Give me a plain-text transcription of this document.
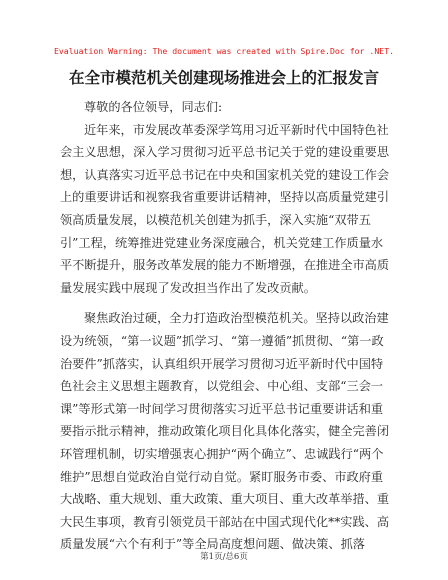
Evaluation Warning: The document was created with Spire.Doc for .NET.
在全市模范机关创建现场推进会上的汇报发言
尊敬的各位领导，同志们:
近年来，市发展改革委深学笃用习近平新时代中国特色社
会主义思想，深入学习贯彻习近平总书记关于党的建设重要思
想，认真落实习近平总书记在中央和国家机关党的建设工作会
上的重要讲话和视察我省重要讲话精神，坚持以高质量党建引
领高质量发展，以模范机关创建为抓手，深入实施“双带五
引”工程，统筹推进党建业务深度融合，机关党建工作质量水
平不断提升，服务改革发展的能力不断增强，在推进全市高质
量发展实践中展现了发改担当作出了发改贡献。
聚焦政治过硬，全力打造政治型模范机关。坚持以政治建
设为统领，“第一议题”抓学习、“第一遵循”抓贯彻、“第一政
治要件”抓落实，认真组织开展学习贯彻习近平新时代中国特
色社会主义思想主题教育，以党组会、中心组、支部“三会一
课”等形式第一时间学习贯彻落实习近平总书记重要讲话和重
要指示批示精神，推动政策化项目化具体化落实，健全完善闭
环管理机制，切实增强衷心拥护“两个确立”、忠诚践行“两个
维护”思想自觉政治自觉行动自觉。紧盯服务市委、市政府重
大战略、重大规划、重大政策、重大项目、重大改革举措、重
大民生事项，教育引领党员干部站在中国式现代化**实践、高
质量发展“六个有利于”等全局高度想问题、做决策、抓落
第1页/总6页
